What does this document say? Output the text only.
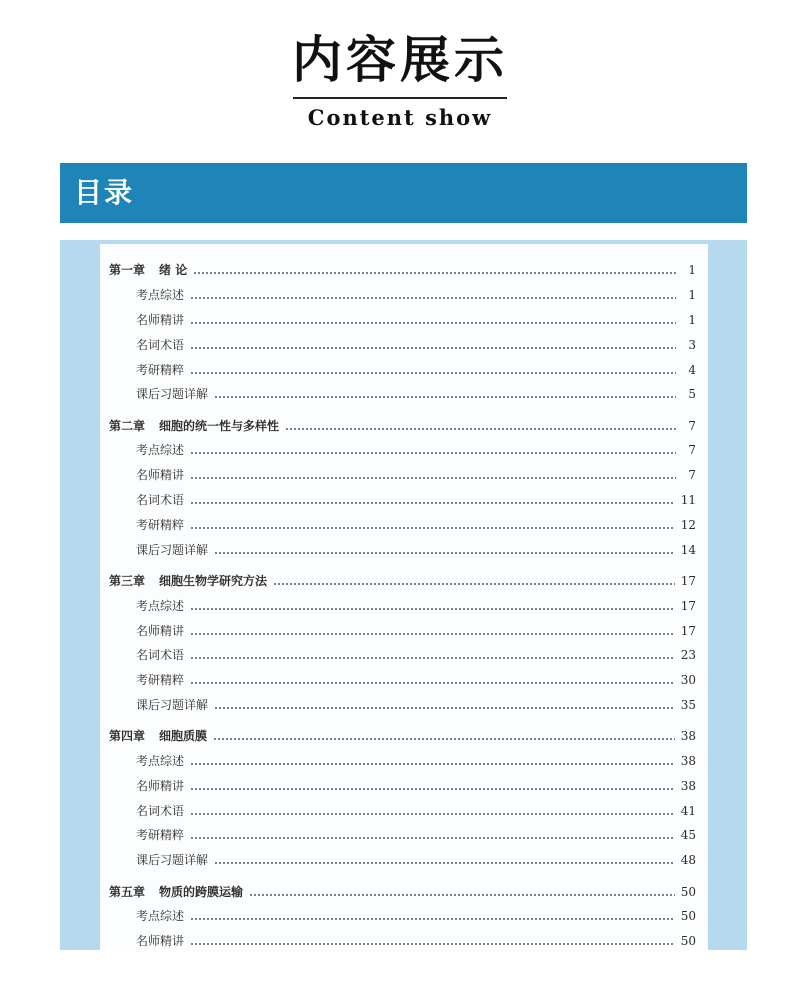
内容展示
Content show
目录
第一章 绪 论	1
考点综述	1
名师精讲	1
名词术语	3
考研精粹	4
课后习题详解	5
第二章 细胞的统一性与多样性	7
考点综述	7
名师精讲	7
名词术语	11
考研精粹	12
课后习题详解	14
第三章 细胞生物学研究方法	17
考点综述	17
名师精讲	17
名词术语	23
考研精粹	30
课后习题详解	35
第四章 细胞质膜	38
考点综述	38
名师精讲	38
名词术语	41
考研精粹	45
课后习题详解	48
第五章 物质的跨膜运输	50
考点综述	50
名师精讲	50
